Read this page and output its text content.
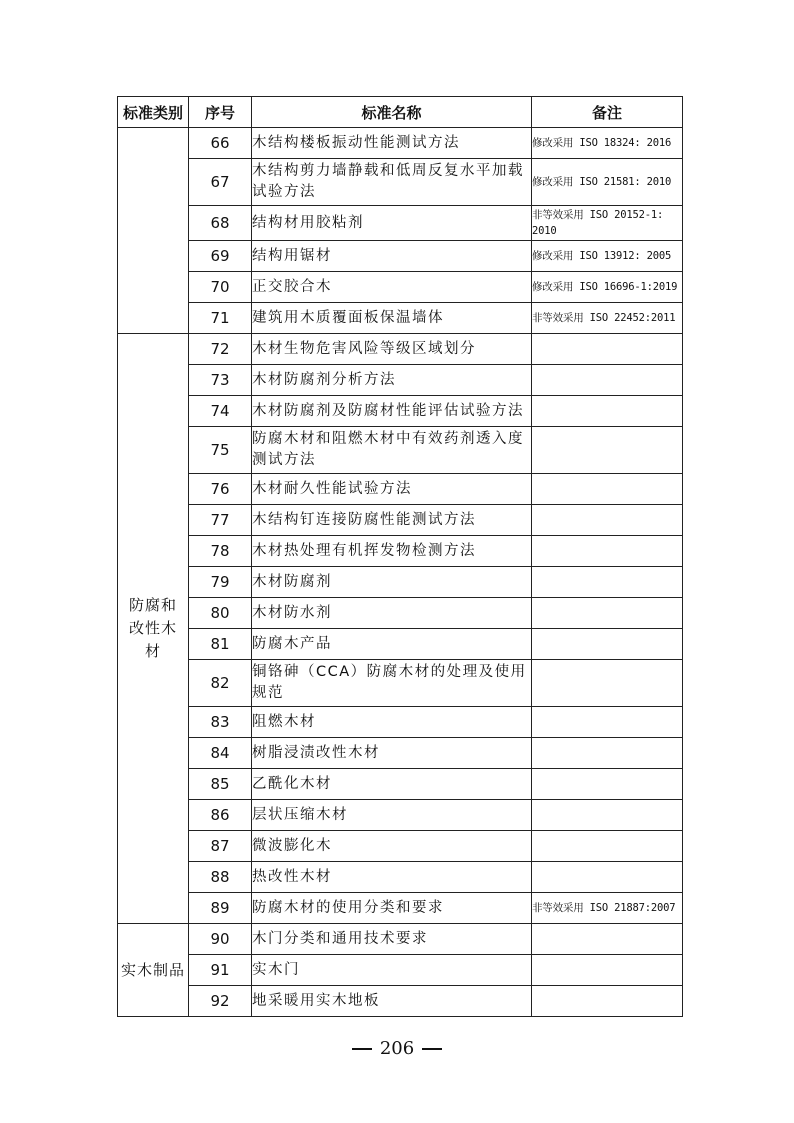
标准类别	序号	标准名称	备注
	66	木结构楼板振动性能测试方法	修改采用 ISO 18324: 2016
	67	木结构剪力墙静载和低周反复水平加载试验方法	修改采用 ISO 21581: 2010
	68	结构材用胶粘剂	非等效采用 ISO 20152-1: 2010
	69	结构用锯材	修改采用 ISO 13912: 2005
	70	正交胶合木	修改采用 ISO 16696-1:2019
	71	建筑用木质覆面板保温墙体	非等效采用 ISO 22452:2011
防腐和改性木材	72	木材生物危害风险等级区域划分	
	73	木材防腐剂分析方法	
	74	木材防腐剂及防腐材性能评估试验方法	
	75	防腐木材和阻燃木材中有效药剂透入度测试方法	
	76	木材耐久性能试验方法	
	77	木结构钉连接防腐性能测试方法	
	78	木材热处理有机挥发物检测方法	
	79	木材防腐剂	
	80	木材防水剂	
	81	防腐木产品	
	82	铜铬砷（CCA）防腐木材的处理及使用规范	
	83	阻燃木材	
	84	树脂浸渍改性木材	
	85	乙酰化木材	
	86	层状压缩木材	
	87	微波膨化木	
	88	热改性木材	
	89	防腐木材的使用分类和要求	非等效采用 ISO 21887:2007
实木制品	90	木门分类和通用技术要求	
	91	实木门	
	92	地采暖用实木地板	
206
